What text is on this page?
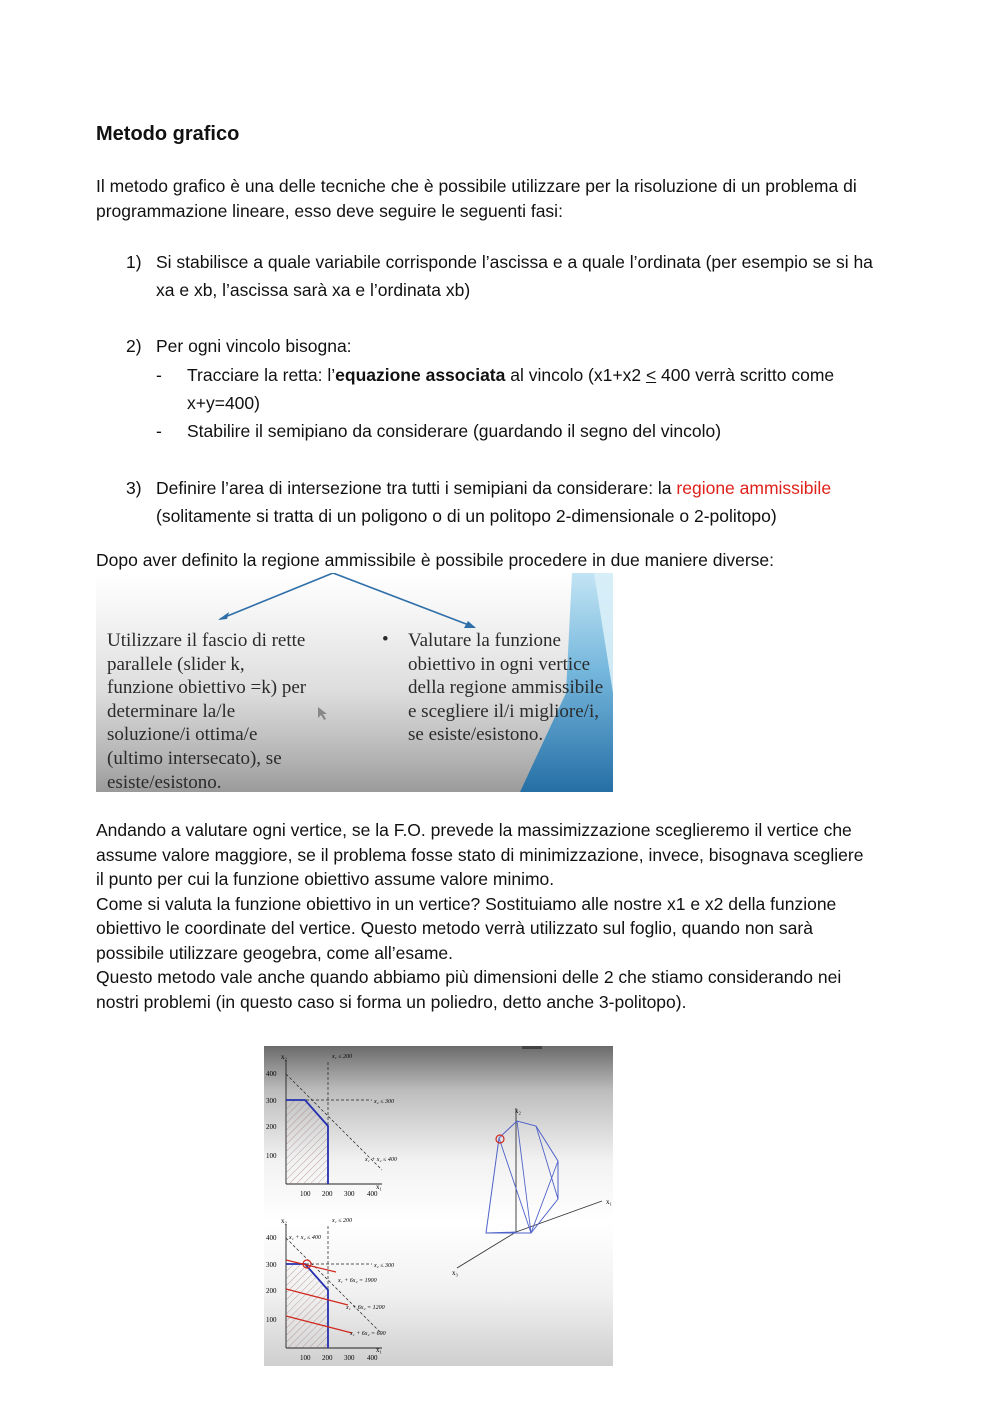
Metodo grafico
Il metodo grafico è una delle tecniche che è possibile utilizzare per la risoluzione di un problema di
programmazione lineare, esso deve seguire le seguenti fasi:
1) Si stabilisce a quale variabile corrisponde l’ascissa e a quale l’ordinata (per esempio se si ha
xa e xb, l’ascissa sarà xa e l’ordinata xb)
2) Per ogni vincolo bisogna:
- Tracciare la retta: l’equazione associata al vincolo (x1+x2 ≤ 400 verrà scritto come
x+y=400)
- Stabilire il semipiano da considerare (guardando il segno del vincolo)
3) Definire l’area di intersezione tra tutti i semipiani da considerare: la regione ammissibile
(solitamente si tratta di un poligono o di un politopo 2-dimensionale o 2-politopo)
Dopo aver definito la regione ammissibile è possibile procedere in due maniere diverse:
Utilizzare il fascio di rette
parallele (slider k,
funzione obiettivo =k) per
determinare la/le
soluzione/i ottima/e
(ultimo intersecato), se
esiste/esistono.
• Valutare la funzione
obiettivo in ogni vertice
della regione ammissibile
e scegliere il/i migliore/i,
se esiste/esistono.
Andando a valutare ogni vertice, se la F.O. prevede la massimizzazione sceglieremo il vertice che
assume valore maggiore, se il problema fosse stato di minimizzazione, invece, bisognava scegliere
il punto per cui la funzione obiettivo assume valore minimo.
Come si valuta la funzione obiettivo in un vertice? Sostituiamo alle nostre x1 e x2 della funzione
obiettivo le coordinate del vertice. Questo metodo verrà utilizzato sul foglio, quando non sarà
possibile utilizzare geogebra, come all’esame.
Questo metodo vale anche quando abbiamo più dimensioni delle 2 che stiamo considerando nei
nostri problemi (in questo caso si forma un poliedro, detto anche 3-politopo).
x₂
x₁
400
300
200
100
100 200 300 400
x₁ ≤ 200
x₂ ≤ 300
x₁ + x₂ ≤ 400
x₂
x₁
400
300
200
100
100 200 300 400
x₁ ≤ 200
x₁ + x₂ ≤ 400
x₂ ≤ 300
x₁ + 6x₂ = 1900
x₁ + 6x₂ = 1200
x₁ + 6x₂ = 600
x₂
x₁
x₃
